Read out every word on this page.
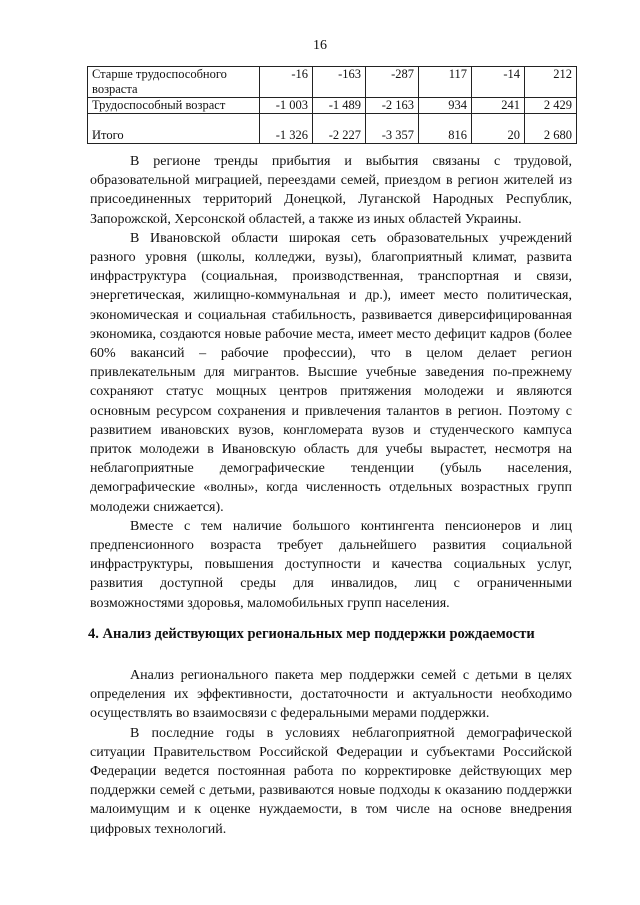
16
Старше трудоспособного возраста	-16	-163	-287	117	-14	212
Трудоспособный возраст	-1 003	-1 489	-2 163	934	241	2 429
Итого	-1 326	-2 227	-3 357	816	20	2 680

В регионе тренды прибытия и выбытия связаны с трудовой, образовательной миграцией, переездами семей, приездом в регион жителей из присоединенных территорий Донецкой, Луганской Народных Республик, Запорожской, Херсонской областей, а также из иных областей Украины.

В Ивановской области широкая сеть образовательных учреждений разного уровня (школы, колледжи, вузы), благоприятный климат, развита инфраструктура (социальная, производственная, транспортная и связи, энергетическая, жилищно-коммунальная и др.), имеет место политическая, экономическая и социальная стабильность, развивается диверсифицированная экономика, создаются новые рабочие места, имеет место дефицит кадров (более 60% вакансий – рабочие профессии), что в целом делает регион привлекательным для мигрантов. Высшие учебные заведения по-прежнему сохраняют статус мощных центров притяжения молодежи и являются основным ресурсом сохранения и привлечения талантов в регион. Поэтому с развитием ивановских вузов, конгломерата вузов и студенческого кампуса приток молодежи в Ивановскую область для учебы вырастет, несмотря на неблагоприятные демографические тенденции (убыль населения, демографические «волны», когда численность отдельных возрастных групп молодежи снижается).

Вместе с тем наличие большого контингента пенсионеров и лиц предпенсионного возраста требует дальнейшего развития социальной инфраструктуры, повышения доступности и качества социальных услуг, развития доступной среды для инвалидов, лиц с ограниченными возможностями здоровья, маломобильных групп населения.

4. Анализ действующих региональных мер поддержки рождаемости

Анализ регионального пакета мер поддержки семей с детьми в целях определения их эффективности, достаточности и актуальности необходимо осуществлять во взаимосвязи с федеральными мерами поддержки.

В последние годы в условиях неблагоприятной демографической ситуации Правительством Российской Федерации и субъектами Российской Федерации ведется постоянная работа по корректировке действующих мер поддержки семей с детьми, развиваются новые подходы к оказанию поддержки малоимущим и к оценке нуждаемости, в том числе на основе внедрения цифровых технологий.
